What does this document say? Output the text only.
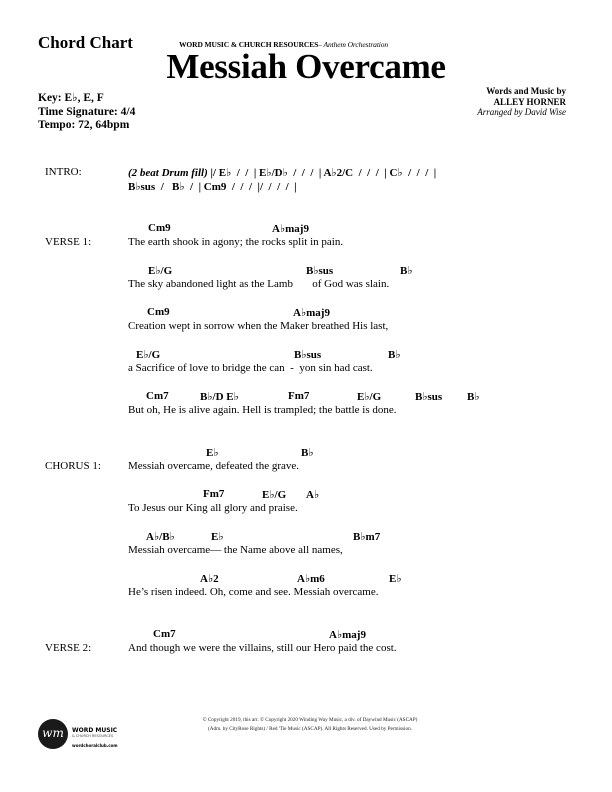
Chord Chart	WORD MUSIC & CHURCH RESOURCES– Anthem Orchestration
Messiah Overcame
Key: E♭, E, F
Time Signature: 4/4
Tempo: 72, 64bpm
Words and Music by
ALLEY HORNER
Arranged by David Wise
INTRO:	(2 beat Drum fill) |/ E♭  /  /  | E♭/D♭  /  /  /  | A♭2/C  /  /  /  | C♭  /  /  /  |
B♭sus  /   B♭  /  | Cm9  /  /  /  |/  /  /  /  |
VERSE 1:
Cm9	A♭maj9
The earth shook in agony; the rocks split in pain.
E♭/G	B♭sus	B♭
The sky abandoned light as the Lamb       of God was slain.
Cm9	A♭maj9
Creation wept in sorrow when the Maker breathed His last,
E♭/G	B♭sus	B♭
a Sacrifice of love to bridge the can  -  yon sin had cast.
Cm7	B♭/D E♭	Fm7	E♭/G	B♭sus B♭
But oh, He is alive again. Hell is trampled; the battle is done.
CHORUS 1:
E♭	B♭
Messiah overcame, defeated the grave.
Fm7	E♭/G A♭
To Jesus our King all glory and praise.
A♭/B♭	E♭	B♭m7
Messiah overcame— the Name above all names,
A♭2	A♭m6	E♭
He’s risen indeed. Oh, come and see. Messiah overcame.
VERSE 2:
Cm7	A♭maj9
And though we were the villains, still our Hero paid the cost.
wm	WORD MUSIC
& CHURCH RESOURCES
wordchoralclub.com
© Copyright 2019, this arr. © Copyright 2020 Winding Way Music, a div. of Daywind Music (ASCAP)
(Adm. by CityRose Rights) / Red 'Tie Music (ASCAP). All Rights Reserved. Used by Permission.
